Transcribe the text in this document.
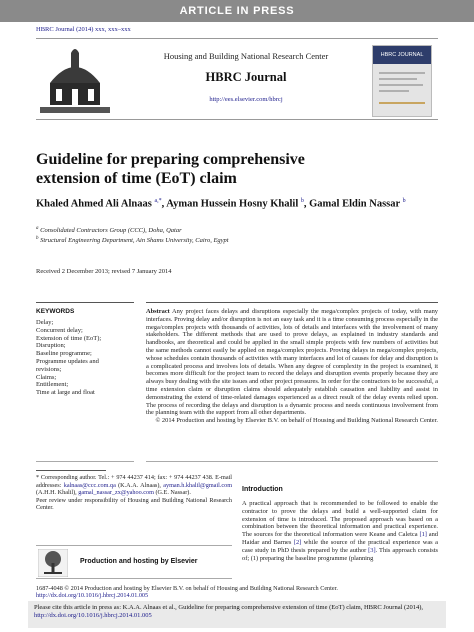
ARTICLE IN PRESS
HBRC Journal (2014) xxx, xxx–xxx
Housing and Building National Research Center
HBRC Journal
http://ees.elsevier.com/hbrcj
HBRC JOURNAL
Guideline for preparing comprehensive
extension of time (EoT) claim
Khaled Ahmed Ali Alnaas $^{a,*}$, Ayman Hussein Hosny Khalil $^b$, Gamal Eldin Nassar $^b$
$^a$ Consolidated Contractors Group (CCC), Doha, Qatar
$^b$ Structural Engineering Department, Ain Shams University, Cairo, Egypt
Received 2 December 2013; revised 7 January 2014
KEYWORDS
Delay;
Concurrent delay;
Extension of time (EoT);
Disruption;
Baseline programme;
Programme updates and
revisions;
Claims;
Entitlement;
Time at large and float
Abstract Any project faces delays and disruptions especially the mega/complex projects of today, with many interfaces. Proving delay and/or disruption is not an easy task and it is a time consuming process especially in the mega/complex projects with thousands of activities, lots of details and interfaces with the involvement of many stakeholders. The different methods that are used to prove delays, as explained in industry standards and handbooks, are theoretical and could be applied in the small simple projects with few numbers of activities but the same methods cannot easily be applied on mega/complex projects. Proving delays in mega/complex projects, whose schedules contain thousands of activities with many interfaces and lot of causes for delay and disruption is a complicated process and involves lots of details. When any degree of complexity in the project is examined, it becomes more difficult for the project team to record the delays and disruption events properly because they are always busy dealing with the site issues and other project pressures. In order for the contractors to be successful, a time extension claim or disruption claims should adequately establish causation and liability and assist in demonstrating the extend of time-related damages experienced as a direct result of the delay events relied upon. The process of recording the delays and disruption is a dynamic process and needs continuous involvement from the planning team with the support from all other departments.
© 2014 Production and hosting by Elsevier B.V. on behalf of Housing and Building National Research Center.
* Corresponding author. Tel.: + 974 44237 414; fax: + 974 44237 438. E-mail addresses: kalnaas@ccc.com.qa (K.A.A. Alnaas), ayman.h.khalil@gmail.com (A.H.H. Khalil), gamal_nassar_zx@yahoo.com (G.E. Nassar).
Peer review under responsibility of Housing and Building National Research Center.
Production and hosting by Elsevier
Introduction
A practical approach that is recommended to be followed to enable the contractor to prove the delays and build a well-supported claim for extension of time is introduced. The proposed approach was based on a combination between the theoretical information and practical experience. The sources for the theoretical information were Keane and Caletca [1] and Haidar and Barnes [2] while the source of the practical experience was a case study in PhD thesis prepared by the author [3]. This approach consists of; (1) preparing the baseline programme (planning
1687-4048 © 2014 Production and hosting by Elsevier B.V. on behalf of Housing and Building National Research Center.
http://dx.doi.org/10.1016/j.hbrcj.2014.01.005
Please cite this article in press as: K.A.A. Alnaas et al., Guideline for preparing comprehensive extension of time (EoT) claim, HBRC Journal (2014), http://dx.doi.org/10.1016/j.hbrcj.2014.01.005
